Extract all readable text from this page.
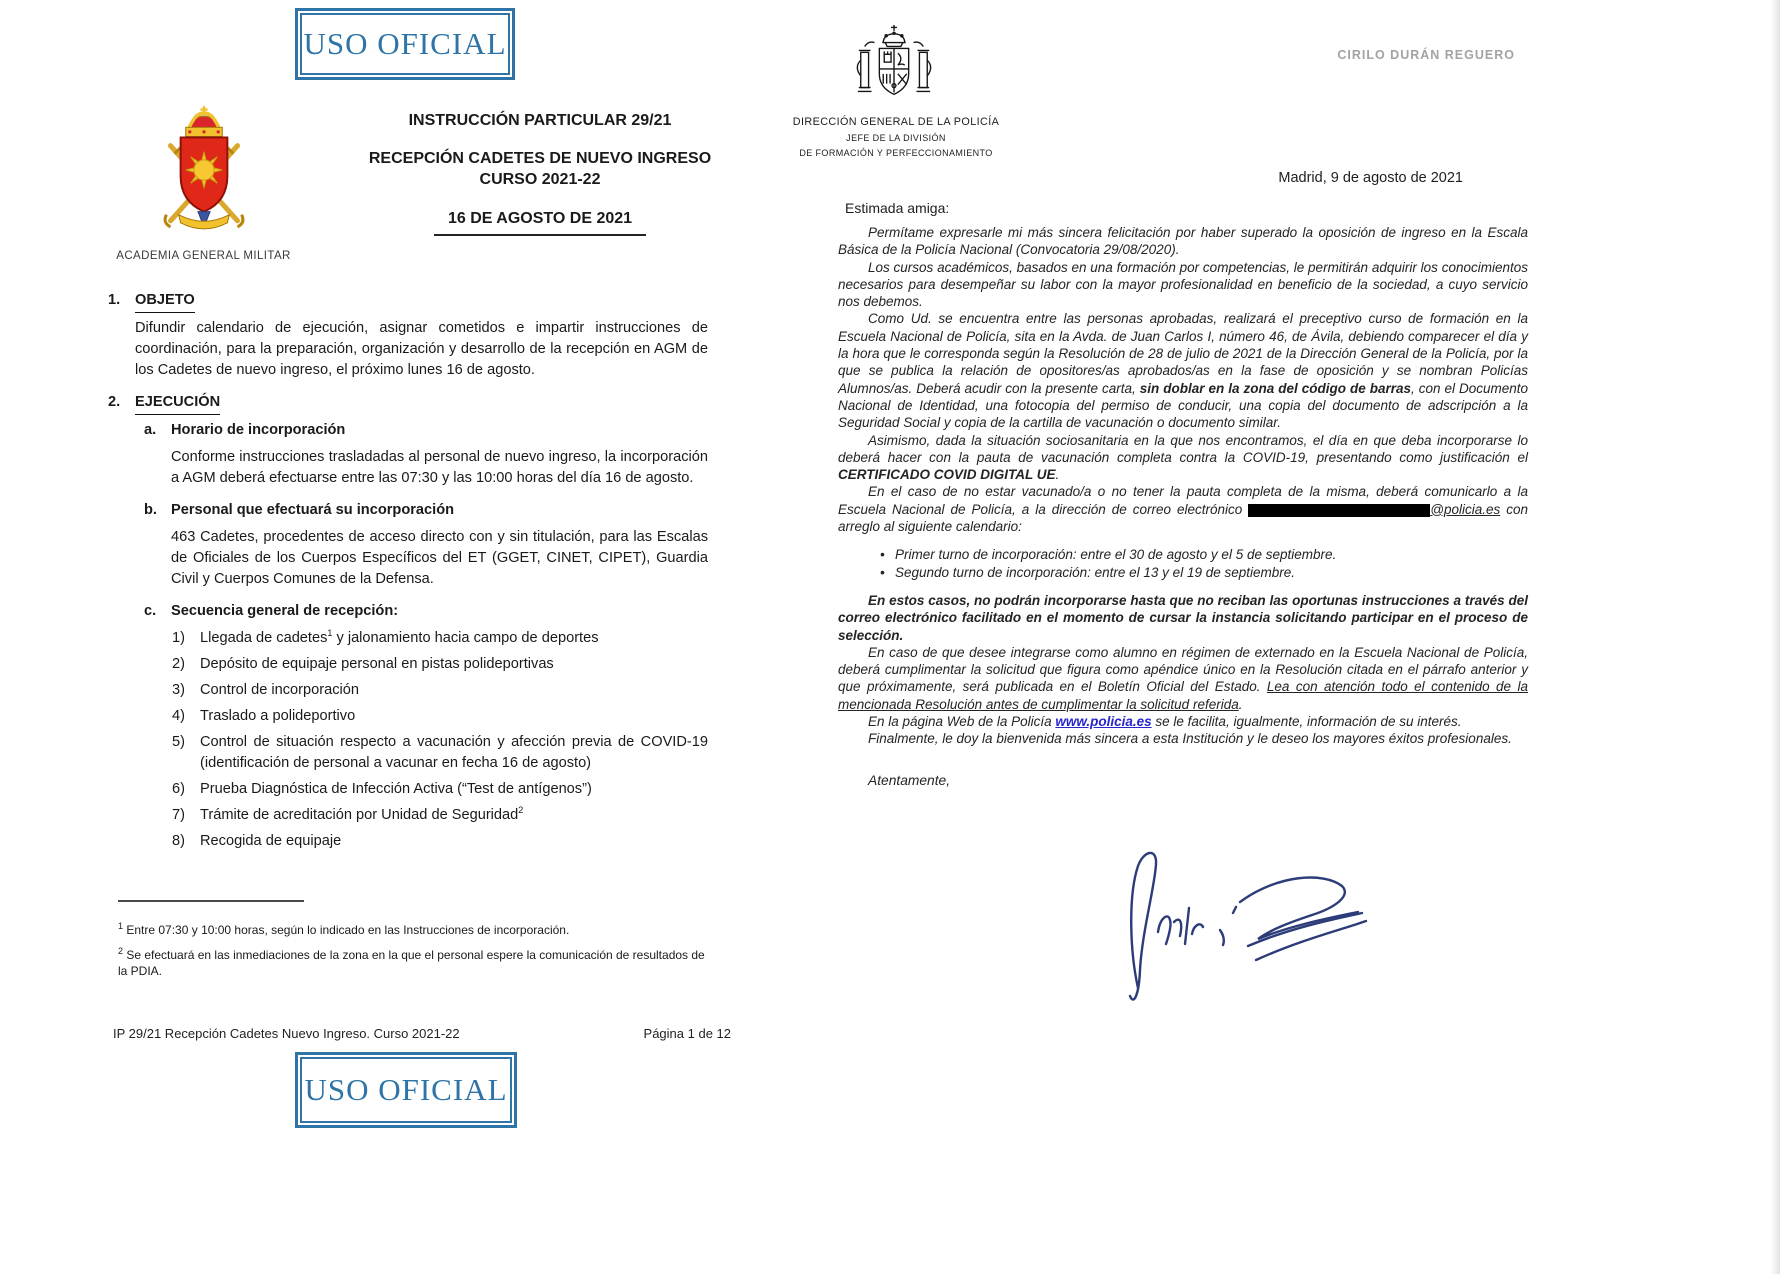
USO OFICIAL
ACADEMIA GENERAL MILITAR
INSTRUCCIÓN PARTICULAR 29/21
RECEPCIÓN CADETES DE NUEVO INGRESO
CURSO 2021-22
16 DE AGOSTO DE 2021
1.	OBJETO

Difundir calendario de ejecución, asignar cometidos e impartir instrucciones de coordinación, para la preparación, organización y desarrollo de la recepción en AGM de los Cadetes de nuevo ingreso, el próximo lunes 16 de agosto.

2.	EJECUCIÓN
a.	Horario de incorporación

Conforme instrucciones trasladadas al personal de nuevo ingreso, la incorporación a AGM deberá efectuarse entre las 07:30 y las 10:00 horas del día 16 de agosto.

b. Personal que efectuará su incorporación

463 Cadetes, procedentes de acceso directo con y sin titulación, para las Escalas de Oficiales de los Cuerpos Específicos del ET (GGET, CINET, CIPET), Guardia Civil y Cuerpos Comunes de la Defensa.

c.	Secuencia general de recepción:
1)	Llegada de cadetes$^1$ y jalonamiento hacia campo de deportes
2)	Depósito de equipaje personal en pistas polideportivas
3)	Control de incorporación
4)	Traslado a polideportivo
5)	Control de situación respecto a vacunación y afección previa de COVID-19 (identificación de personal a vacunar en fecha 16 de agosto)
6)	Prueba Diagnóstica de Infección Activa (“Test de antígenos”)
7)	Trámite de acreditación por Unidad de Seguridad$^2$
8)	Recogida de equipaje
$^1$ Entre 07:30 y 10:00 horas, según lo indicado en las Instrucciones de incorporación.
$^2$ Se efectuará en las inmediaciones de la zona en la que el personal espere la comunicación de resultados de la PDIA.
IP 29/21 Recepción Cadetes Nuevo Ingreso. Curso 2021-22	Página 1 de 12
USO OFICIAL
DIRECCIÓN GENERAL DE LA POLICÍA
JEFE DE LA DIVISIÓN
DE FORMACIÓN Y PERFECCIONAMIENTO
CIRILO DURÁN REGUERO
Madrid, 9 de agosto de 2021
Estimada amiga:

Permítame expresarle mi más sincera felicitación por haber superado la oposición de ingreso en la Escala Básica de la Policía Nacional (Convocatoria 29/08/2020).

Los cursos académicos, basados en una formación por competencias, le permitirán adquirir los conocimientos necesarios para desempeñar su labor con la mayor profesionalidad en beneficio de la sociedad, a cuyo servicio nos debemos.

Como Ud. se encuentra entre las personas aprobadas, realizará el preceptivo curso de formación en la Escuela Nacional de Policía, sita en la Avda. de Juan Carlos I, número 46, de Ávila, debiendo comparecer el día y la hora que le corresponda según la Resolución de 28 de julio de 2021 de la Dirección General de la Policía, por la que se publica la relación de opositores/as aprobados/as en la fase de oposición y se nombran Policías Alumnos/as. Deberá acudir con la presente carta, sin doblar en la zona del código de barras, con el Documento Nacional de Identidad, una fotocopia del permiso de conducir, una copia del documento de adscripción a la Seguridad Social y copia de la cartilla de vacunación o documento similar.

Asimismo, dada la situación sociosanitaria en la que nos encontramos, el día en que deba incorporarse lo deberá hacer con la pauta de vacunación completa contra la COVID-19, presentando como justificación el CERTIFICADO COVID DIGITAL UE.

En el caso de no estar vacunado/a o no tener la pauta completa de la misma, deberá comunicarlo a la Escuela Nacional de Policía, a la dirección de correo electrónico	@policia.es con arreglo al siguiente calendario:

• Primer turno de incorporación: entre el 30 de agosto y el 5 de septiembre.
• Segundo turno de incorporación: entre el 13 y el 19 de septiembre.

En estos casos, no podrán incorporarse hasta que no reciban las oportunas instrucciones a través del correo electrónico facilitado en el momento de cursar la instancia solicitando participar en el proceso de selección.

En caso de que desee integrarse como alumno en régimen de externado en la Escuela Nacional de Policía, deberá cumplimentar la solicitud que figura como apéndice único en la Resolución citada en el párrafo anterior y que próximamente, será publicada en el Boletín Oficial del Estado. Lea con atención todo el contenido de la mencionada Resolución antes de cumplimentar la solicitud referida.

En la página Web de la Policía www.policia.es se le facilita, igualmente, información de su interés.

Finalmente, le doy la bienvenida más sincera a esta Institución y le deseo los mayores éxitos profesionales.

Atentamente,
